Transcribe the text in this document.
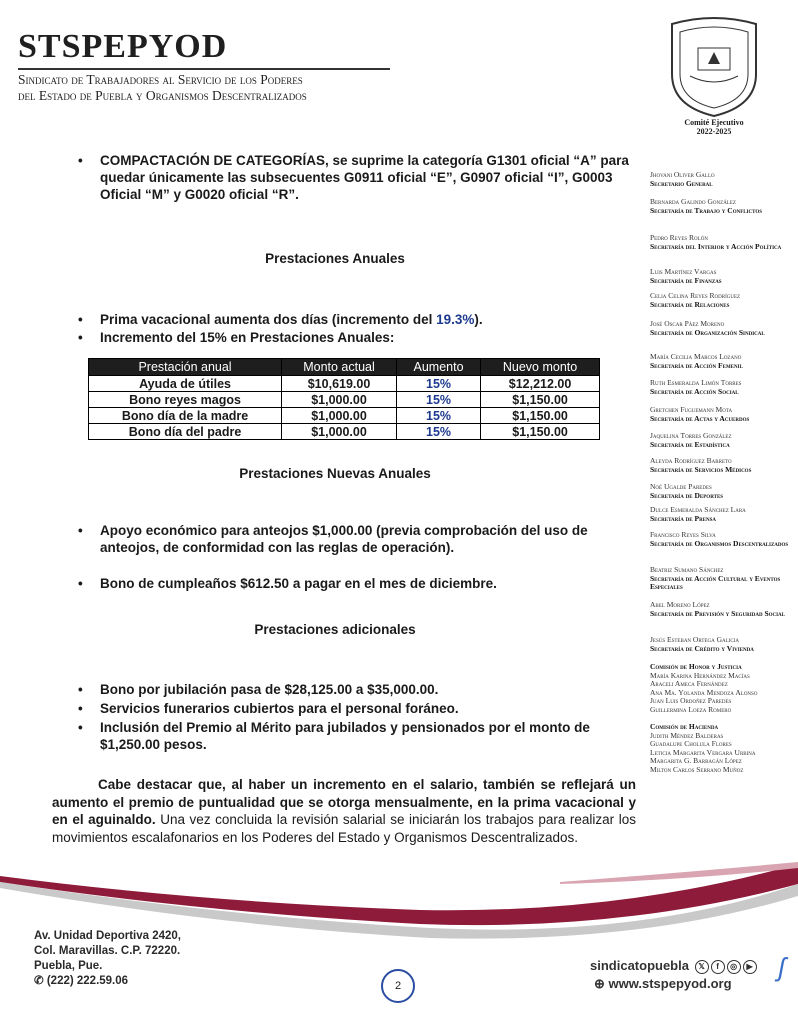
STSPEPYOD
Sindicato de Trabajadores al Servicio de los Poderes
del Estado de Puebla y Organismos Descentralizados
Comité Ejecutivo
2022-2025
• COMPACTACIÓN DE CATEGORÍAS, se suprime la categoría G1301 oficial “A” para quedar únicamente las subsecuentes G0911 oficial “E”, G0907 oficial “I”, G0003 Oficial “M” y G0020 oficial “R”.
Prestaciones Anuales
• Prima vacacional aumenta dos días (incremento del 19.3%).
• Incremento del 15% en Prestaciones Anuales:
Prestación anual	Monto actual	Aumento	Nuevo monto
Ayuda de útiles	$10,619.00	15%	$12,212.00
Bono reyes magos	$1,000.00	15%	$1,150.00
Bono día de la madre	$1,000.00	15%	$1,150.00
Bono día del padre	$1,000.00	15%	$1,150.00
Prestaciones Nuevas Anuales
• Apoyo económico para anteojos $1,000.00 (previa comprobación del uso de anteojos, de conformidad con las reglas de operación).
• Bono de cumpleaños $612.50 a pagar en el mes de diciembre.
Prestaciones adicionales
• Bono por jubilación pasa de $28,125.00 a $35,000.00.
• Servicios funerarios cubiertos para el personal foráneo.
• Inclusión del Premio al Mérito para jubilados y pensionados por el monto de $1,250.00 pesos.
Cabe destacar que, al haber un incremento en el salario, también se reflejará un aumento el premio de puntualidad que se otorga mensualmente, en la prima vacacional y en el aguinaldo. Una vez concluida la revisión salarial se iniciarán los trabajos para realizar los movimientos escalafonarios en los Poderes del Estado y Organismos Descentralizados.
Jhovani Oliver Gallo
Secretario General
Bernarda Galindo González
Secretaría de Trabajo y Conflictos
Pedro Reyes Rolón
Secretaría del Interior y Acción Política
Luis Martínez Vargas
Secretaría de Finanzas
Celia Celina Reyes Rodríguez
Secretaría de Relaciones
José Oscar Páez Moreno
Secretaría de Organización Sindical
María Cecilia Marcos Lozano
Secretaría de Acción Femenil
Ruth Esmeralda Limón Torres
Secretaría de Acción Social
Gretchen Fuguemann Mota
Secretaría de Actas y Acuerdos
Jaquelina Torres González
Secretaría de Estadística
Aleyda Rodríguez Barreto
Secretaría de Servicios Médicos
Noé Ugalde Paredes
Secretaría de Deportes
Dulce Esmeralda Sánchez Lara
Secretaría de Prensa
Francisco Reyes Silva
Secretaría de Organismos Descentralizados
Beatriz Sumano Sánchez
Secretaría de Acción Cultural y Eventos Especiales
Abel Moreno López
Secretaría de Previsión y Seguridad Social
Jesús Esteban Ortega Galicia
Secretaría de Crédito y Vivienda
Comisión de Honor y Justicia
María Karina Hernández Macías
Araceli Ameca Fernández
Ana Ma. Yolanda Mendoza Alonso
Juan Luis Ordoñez Paredes
Guillermina Loeza Romero
Comisión de Hacienda
Judith Méndez Balderas
Guadalupe Cholula Flores
Leticia Margarita Vergara Urbina
Margarita G. Barragán López
Milton Carlos Serrano Muñoz
Av. Unidad Deportiva 2420,
Col. Maravillas. C.P. 72220.
Puebla, Pue.
✆ (222) 222.59.06	2
sindicatopuebla 𝕏 f ◎ ▶
⊕ www.stspepyod.org
ʃ
